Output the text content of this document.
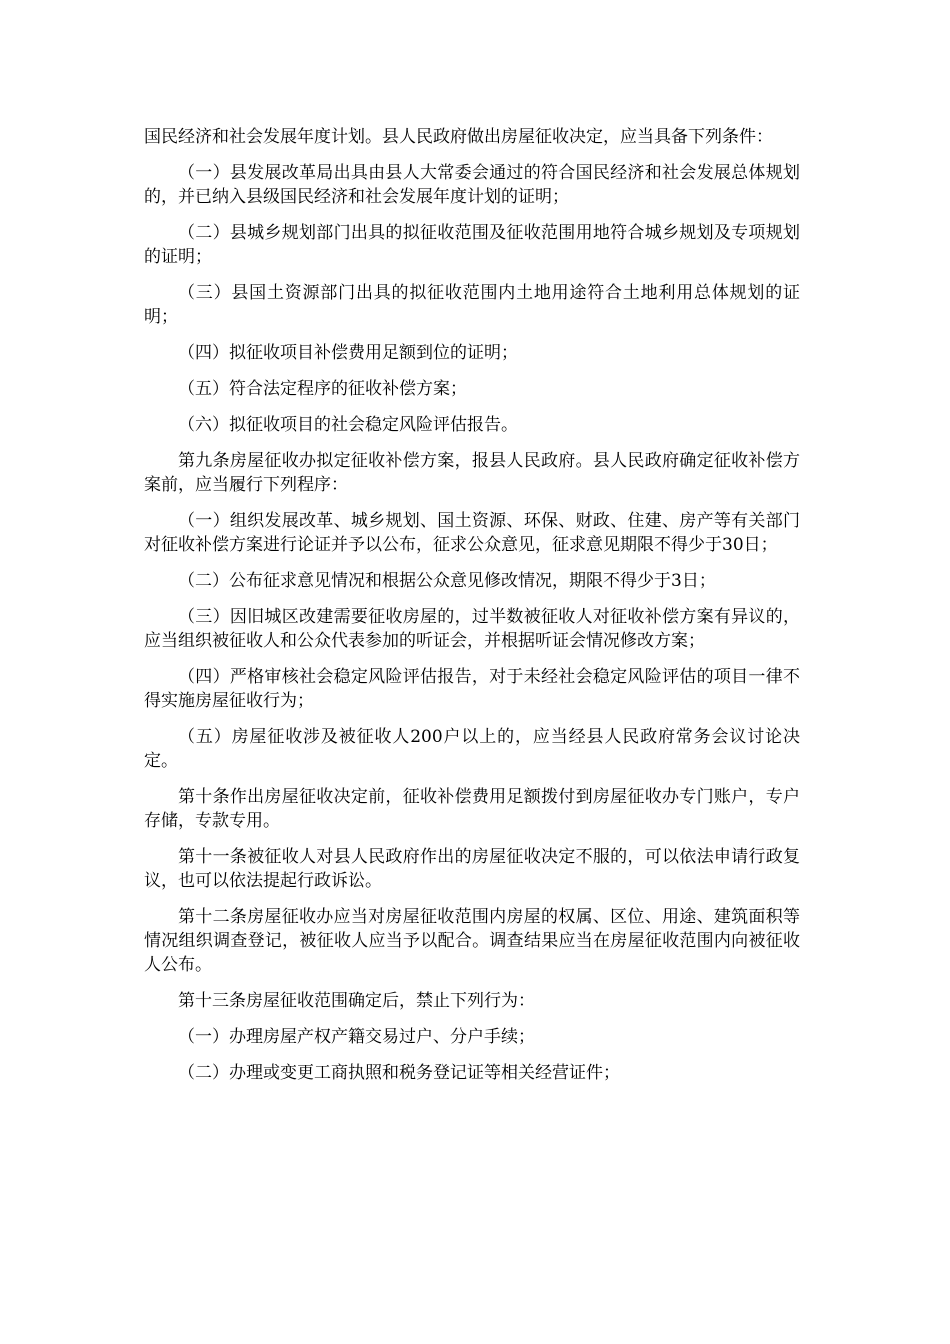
国民经济和社会发展年度计划。县人民政府做出房屋征收决定，应当具备下列条件：

（一）县发展改革局出具由县人大常委会通过的符合国民经济和社会发展总体规划的，并已纳入县级国民经济和社会发展年度计划的证明；

（二）县城乡规划部门出具的拟征收范围及征收范围用地符合城乡规划及专项规划的证明；

（三）县国土资源部门出具的拟征收范围内土地用途符合土地利用总体规划的证明；

（四）拟征收项目补偿费用足额到位的证明；

（五）符合法定程序的征收补偿方案；

（六）拟征收项目的社会稳定风险评估报告。

第九条房屋征收办拟定征收补偿方案，报县人民政府。县人民政府确定征收补偿方案前，应当履行下列程序：

（一）组织发展改革、城乡规划、国土资源、环保、财政、住建、房产等有关部门对征收补偿方案进行论证并予以公布，征求公众意见，征求意见期限不得少于30日；

（二）公布征求意见情况和根据公众意见修改情况，期限不得少于3日；

（三）因旧城区改建需要征收房屋的，过半数被征收人对征收补偿方案有异议的，应当组织被征收人和公众代表参加的听证会，并根据听证会情况修改方案；

（四）严格审核社会稳定风险评估报告，对于未经社会稳定风险评估的项目一律不得实施房屋征收行为；

（五）房屋征收涉及被征收人200户以上的，应当经县人民政府常务会议讨论决定。

第十条作出房屋征收决定前，征收补偿费用足额拨付到房屋征收办专门账户，专户存储，专款专用。

第十一条被征收人对县人民政府作出的房屋征收决定不服的，可以依法申请行政复议，也可以依法提起行政诉讼。

第十二条房屋征收办应当对房屋征收范围内房屋的权属、区位、用途、建筑面积等情况组织调查登记，被征收人应当予以配合。调查结果应当在房屋征收范围内向被征收人公布。

第十三条房屋征收范围确定后，禁止下列行为：

（一）办理房屋产权产籍交易过户、分户手续；

（二）办理或变更工商执照和税务登记证等相关经营证件；
